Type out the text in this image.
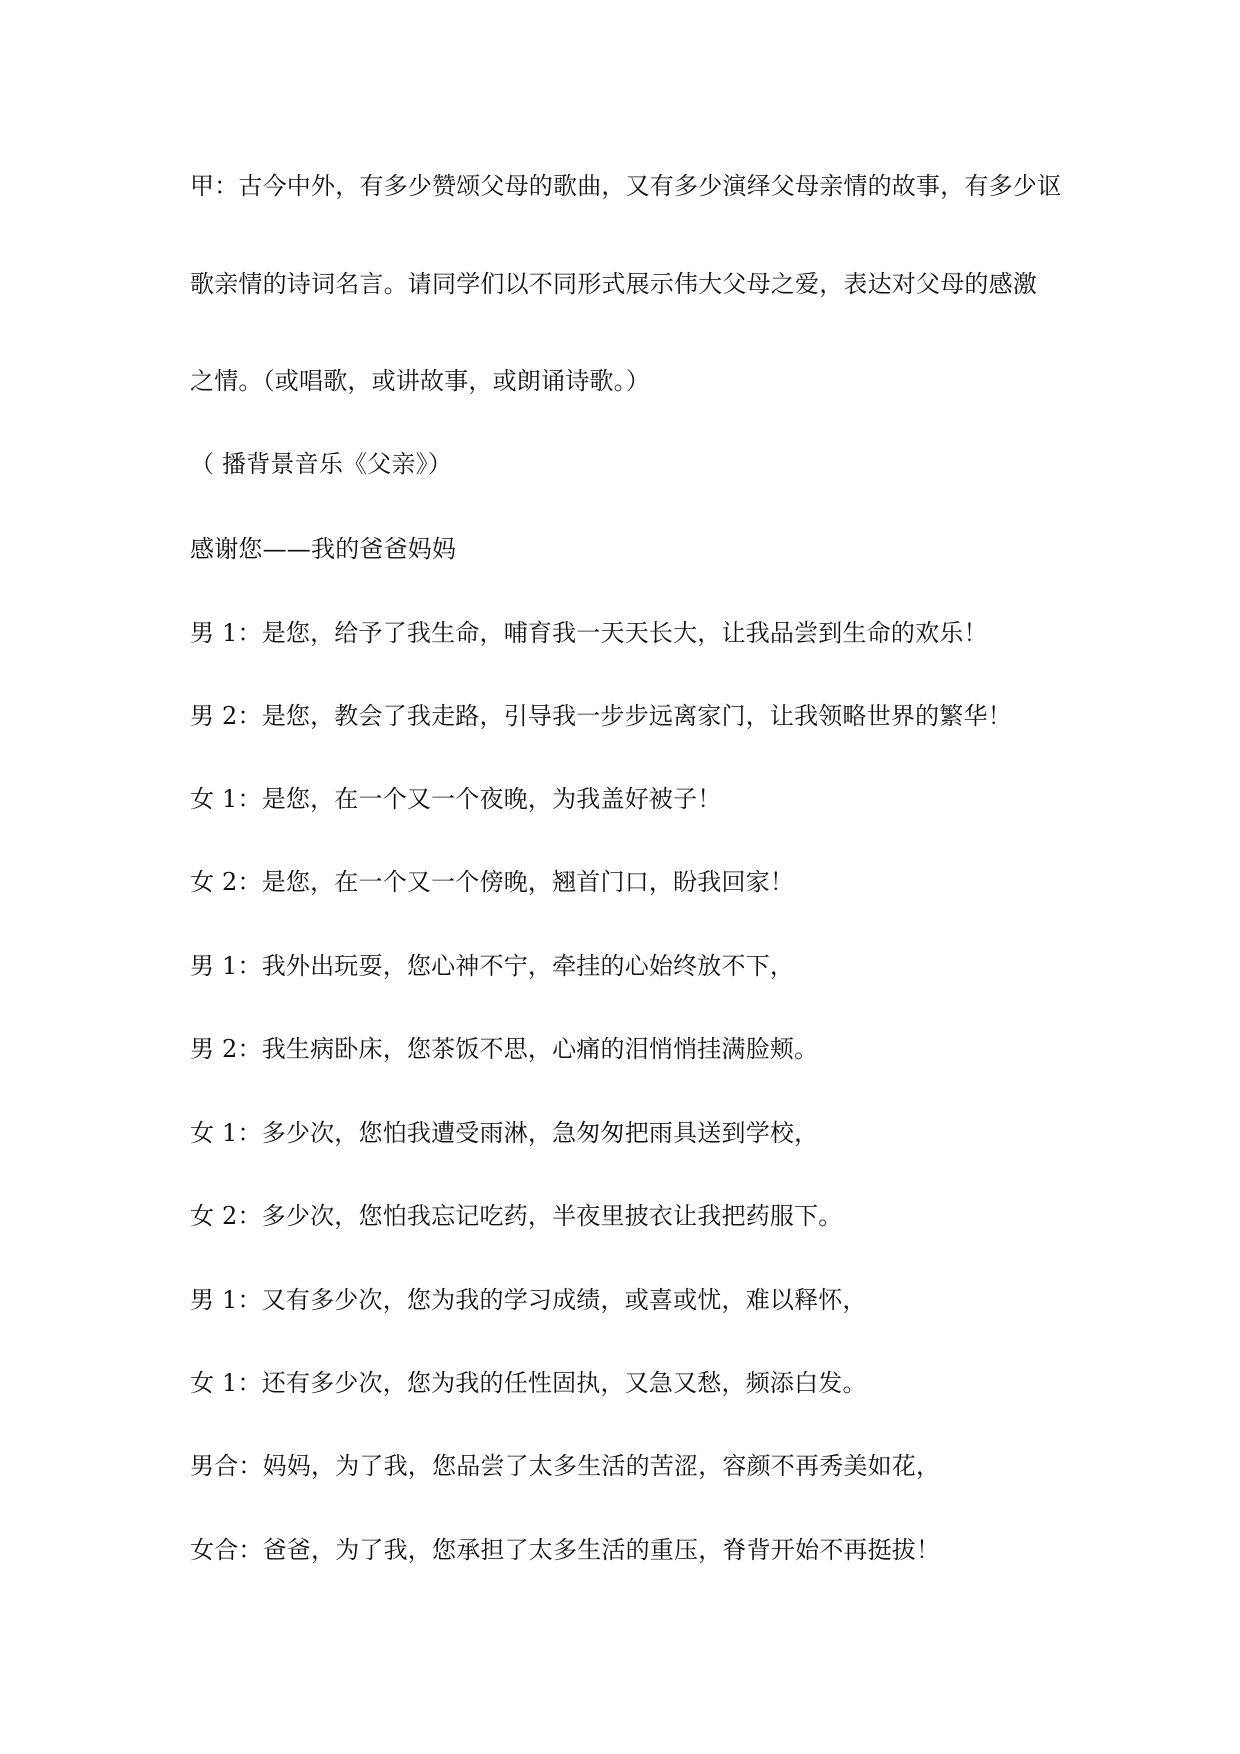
甲：古今中外，有多少赞颂父母的歌曲，又有多少演绎父母亲情的故事，有多少讴
歌亲情的诗词名言。请同学们以不同形式展示伟大父母之爱，表达对父母的感激
之情。（或唱歌，或讲故事，或朗诵诗歌。）
（ 播背景音乐《父亲》）
感谢您——我的爸爸妈妈
男 1：是您，给予了我生命，哺育我一天天长大，让我品尝到生命的欢乐！
男 2：是您，教会了我走路，引导我一步步远离家门，让我领略世界的繁华！
女 1：是您，在一个又一个夜晚，为我盖好被子！
女 2：是您，在一个又一个傍晚，翘首门口，盼我回家！
男 1：我外出玩耍，您心神不宁，牵挂的心始终放不下，
男 2：我生病卧床，您茶饭不思，心痛的泪悄悄挂满脸颊。
女 1：多少次，您怕我遭受雨淋，急匆匆把雨具送到学校，
女 2：多少次，您怕我忘记吃药，半夜里披衣让我把药服下。
男 1：又有多少次，您为我的学习成绩，或喜或忧，难以释怀，
女 1：还有多少次，您为我的任性固执，又急又愁，频添白发。
男合：妈妈，为了我，您品尝了太多生活的苦涩，容颜不再秀美如花，
女合：爸爸，为了我，您承担了太多生活的重压，脊背开始不再挺拔！
